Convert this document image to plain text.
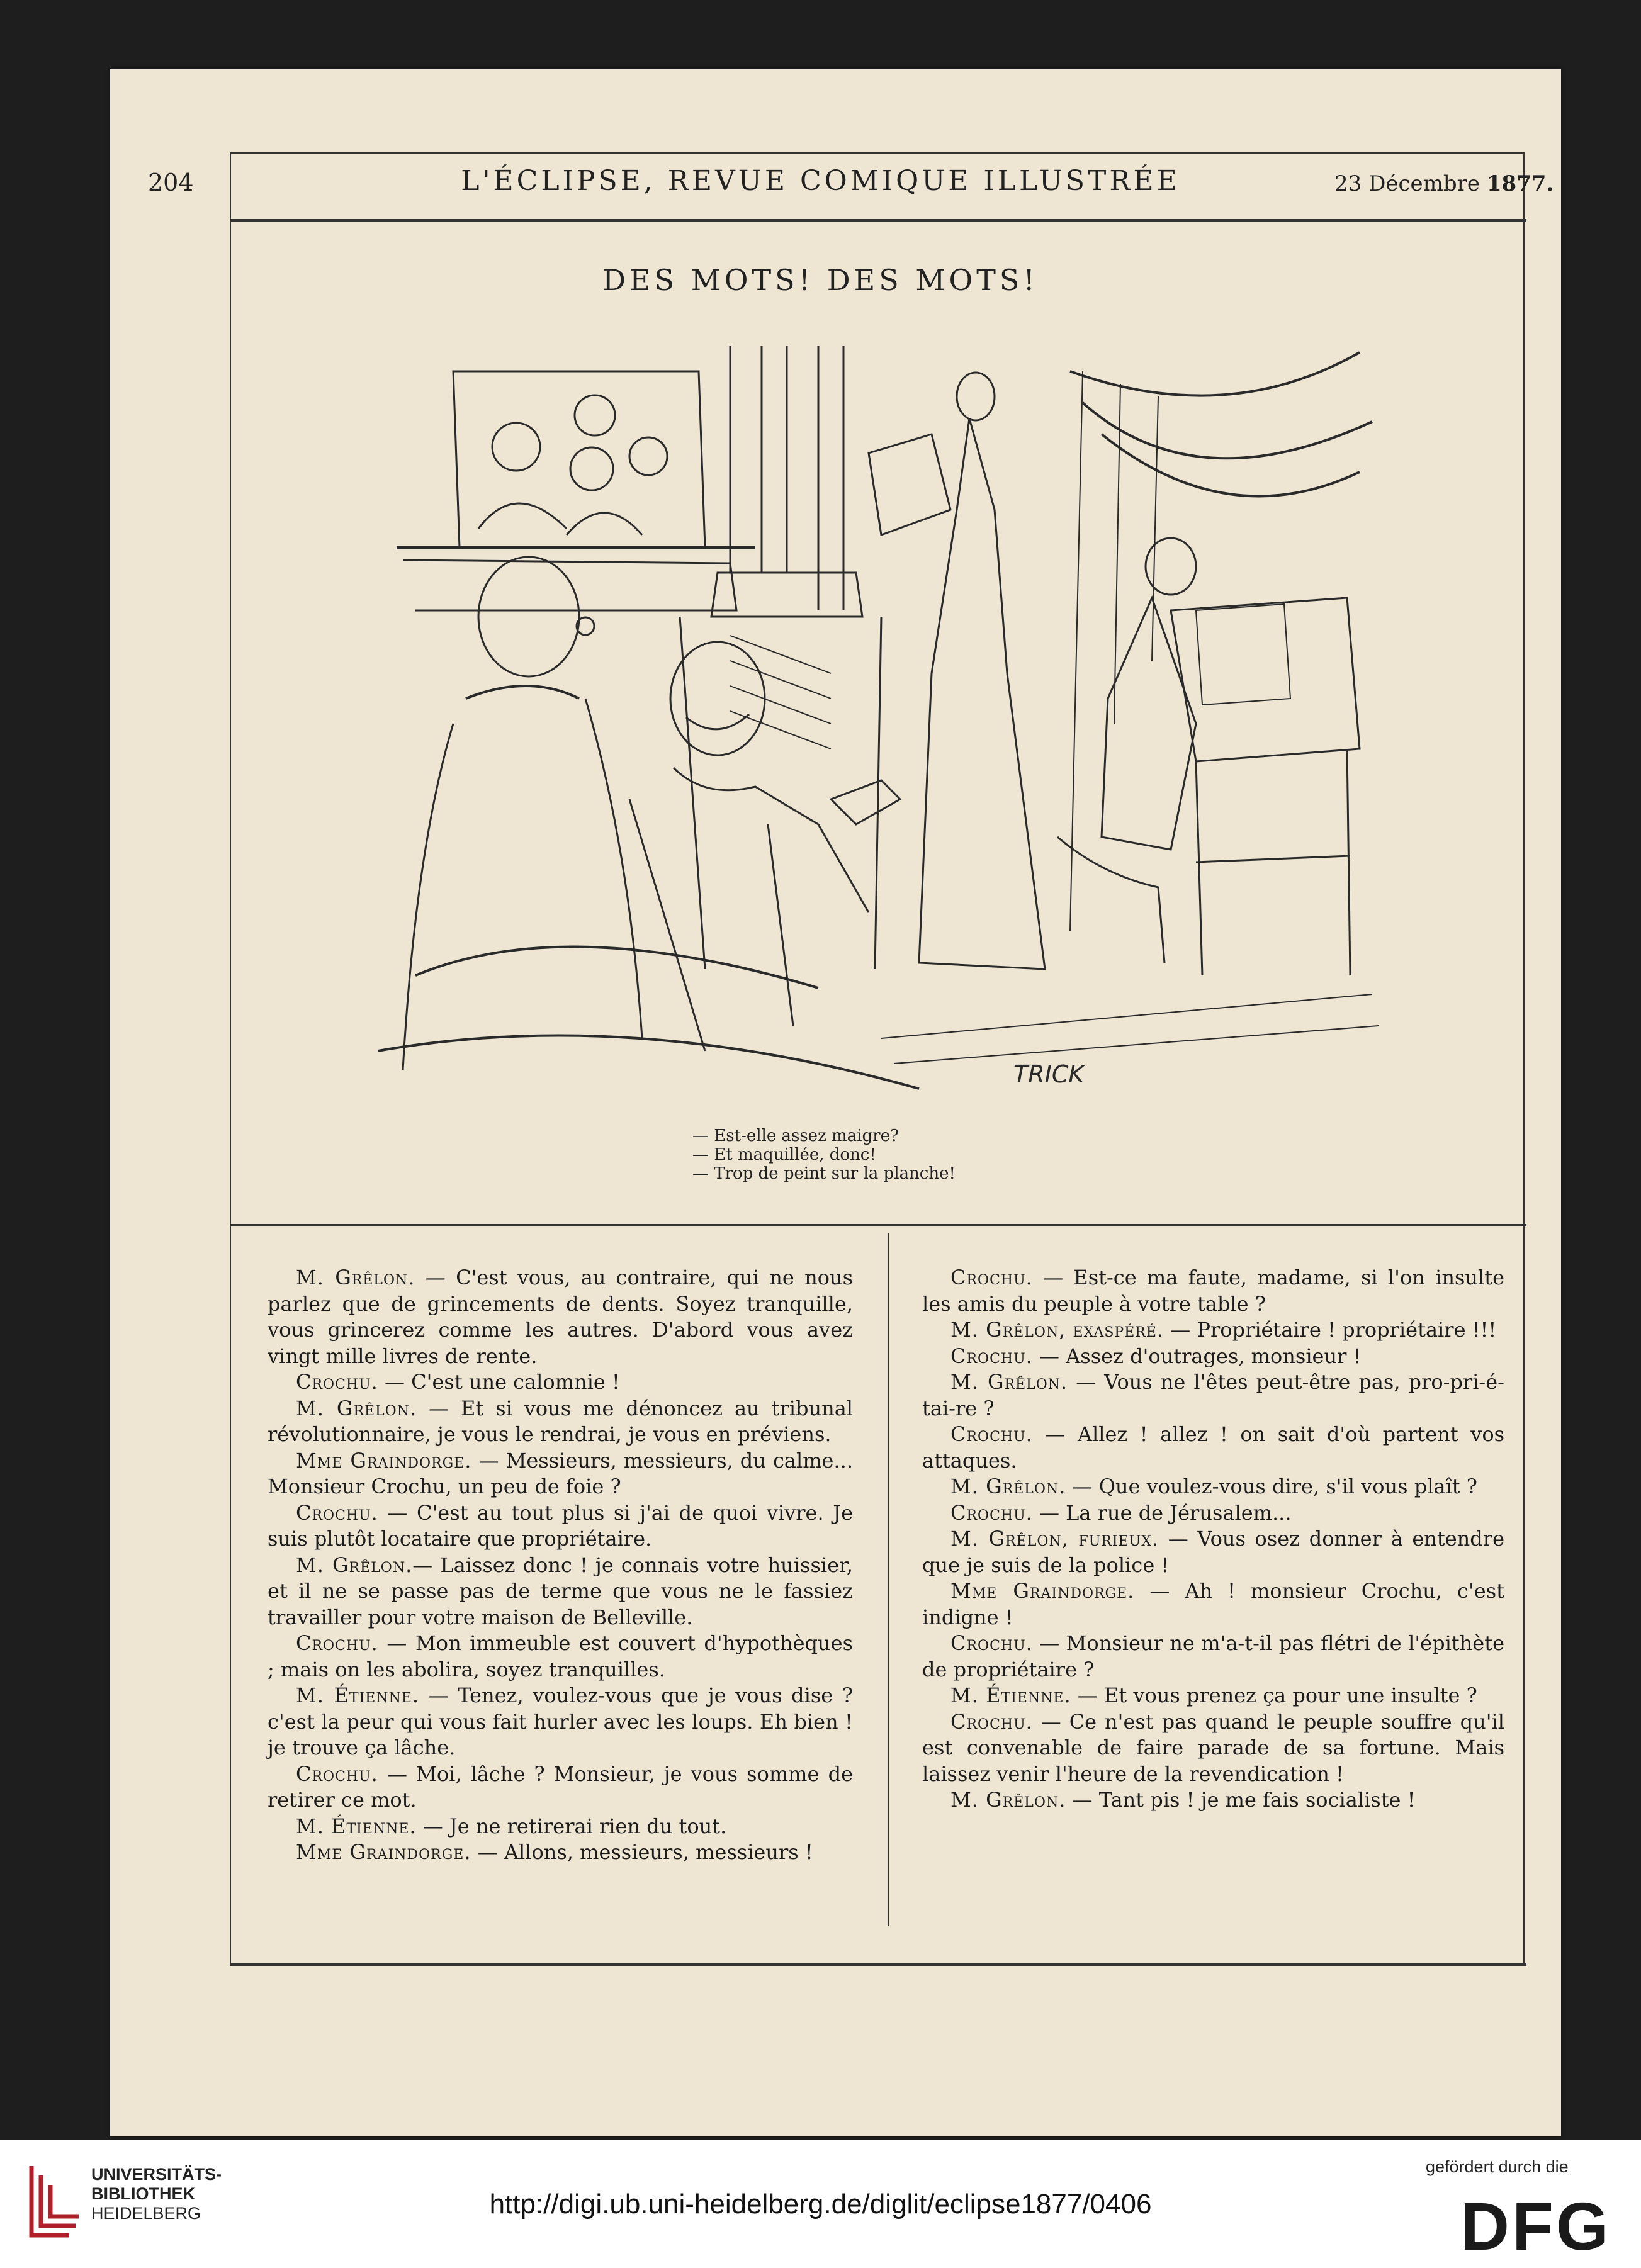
204	L'ÉCLIPSE, REVUE COMIQUE ILLUSTRÉE	23 Décembre 1877.
DES MOTS! DES MOTS!
TRICK
— Est-elle assez maigre?
— Et maquillée, donc!
— Trop de peint sur la planche!

M. Grêlon. — C'est vous, au contraire, qui ne nous parlez que de grincements de dents. Soyez tranquille, vous grincerez comme les autres. D'abord vous avez vingt mille livres de rente.

Crochu. — C'est une calomnie !

M. Grêlon. — Et si vous me dénoncez au tribunal révolutionnaire, je vous le rendrai, je vous en préviens.

Mme Graindorge. — Messieurs, messieurs, du calme... Monsieur Crochu, un peu de foie ?

Crochu. — C'est au tout plus si j'ai de quoi vivre. Je suis plutôt locataire que propriétaire.

M. Grêlon.— Laissez donc ! je connais votre huissier, et il ne se passe pas de terme que vous ne le fassiez travailler pour votre maison de Belleville.

Crochu. — Mon immeuble est couvert d'hypothèques ; mais on les abolira, soyez tranquilles.

M. Étienne. — Tenez, voulez-vous que je vous dise ? c'est la peur qui vous fait hurler avec les loups. Eh bien ! je trouve ça lâche.

Crochu. — Moi, lâche ? Monsieur, je vous somme de retirer ce mot.

M. Étienne. — Je ne retirerai rien du tout.

Mme Graindorge. — Allons, messieurs, messieurs !

Crochu. — Est-ce ma faute, madame, si l'on insulte les amis du peuple à votre table ?

M. Grêlon, exaspéré. — Propriétaire ! propriétaire !!!

Crochu. — Assez d'outrages, monsieur !

M. Grêlon. — Vous ne l'êtes peut-être pas, pro-pri-é-tai-re ?

Crochu. — Allez ! allez ! on sait d'où partent vos attaques.

M. Grêlon. — Que voulez-vous dire, s'il vous plaît ?

Crochu. — La rue de Jérusalem...

M. Grêlon, furieux. — Vous osez donner à entendre que je suis de la police !

Mme Graindorge. — Ah ! monsieur Crochu, c'est indigne !

Crochu. — Monsieur ne m'a-t-il pas flétri de l'épithète de propriétaire ?

M. Étienne. — Et vous prenez ça pour une insulte ?

Crochu. — Ce n'est pas quand le peuple souffre qu'il est convenable de faire parade de sa fortune. Mais laissez venir l'heure de la revendication !

M. Grêlon. — Tant pis ! je me fais socialiste !

UNIVERSITÄTS-
BIBLIOTHEK
HEIDELBERG	http://digi.ub.uni-heidelberg.de/diglit/eclipse1877/0406
gefördert durch die
DFG
